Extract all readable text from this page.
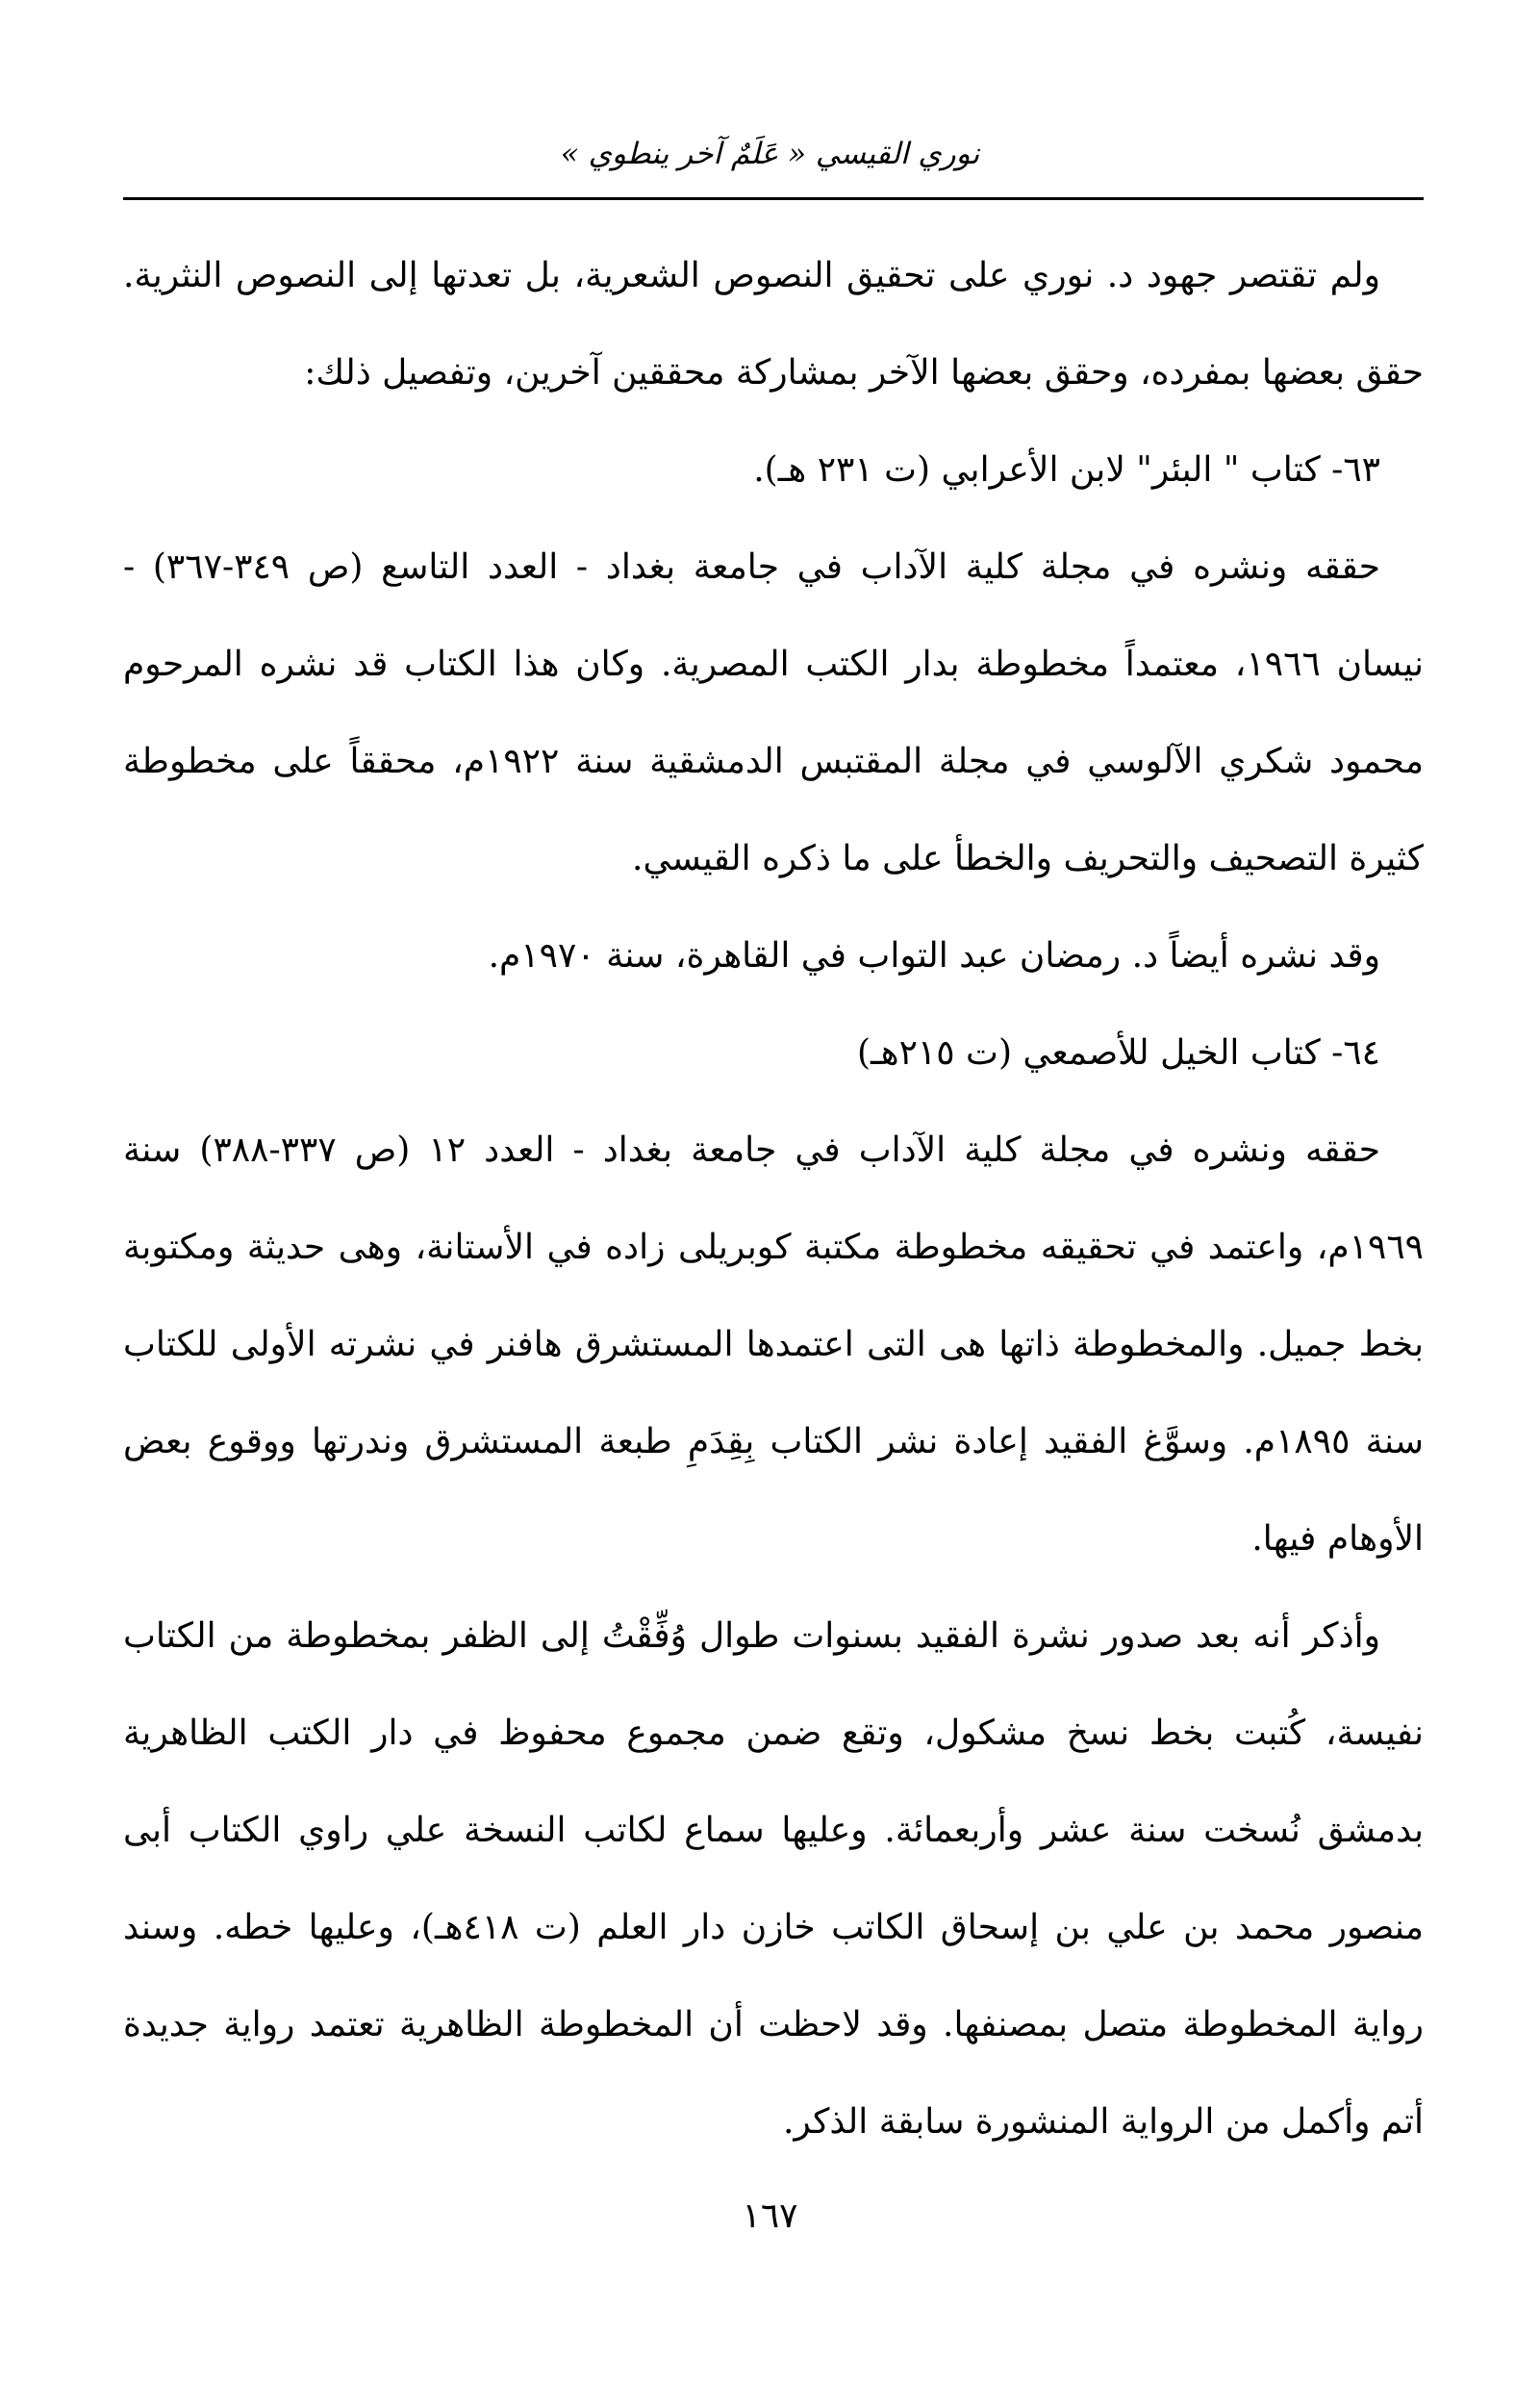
نوري القيسي « عَلَمٌ آخر ينطوي »

ولم تقتصر جهود د. نوري على تحقيق النصوص الشعرية، بل تعدتها إلى النصوص النثرية. حقق بعضها بمفرده، وحقق بعضها الآخر بمشاركة محققين آخرين، وتفصيل ذلك:

٦٣- كتاب " البئر" لابن الأعرابي (ت ٢٣١ هـ).

حققه ونشره في مجلة كلية الآداب في جامعة بغداد - العدد التاسع (ص ٣٤٩-٣٦٧) - نيسان ١٩٦٦، معتمداً مخطوطة بدار الكتب المصرية. وكان هذا الكتاب قد نشره المرحوم محمود شكري الآلوسي في مجلة المقتبس الدمشقية سنة ١٩٢٢م، محققاً على مخطوطة كثيرة التصحيف والتحريف والخطأ على ما ذكره القيسي.

وقد نشره أيضاً د. رمضان عبد التواب في القاهرة، سنة ١٩٧٠م.

٦٤- كتاب الخيل للأصمعي (ت ٢١٥هـ)

حققه ونشره في مجلة كلية الآداب في جامعة بغداد - العدد ١٢ (ص ٣٣٧-٣٨٨) سنة ١٩٦٩م، واعتمد في تحقيقه مخطوطة مكتبة كوبريلى زاده في الأستانة، وهى حديثة ومكتوبة بخط جميل. والمخطوطة ذاتها هى التى اعتمدها المستشرق هافنر في نشرته الأولى للكتاب سنة ١٨٩٥م. وسوَّغ الفقيد إعادة نشر الكتاب بِقِدَمِ طبعة المستشرق وندرتها ووقوع بعض الأوهام فيها.

وأذكر أنه بعد صدور نشرة الفقيد بسنوات طوال وُفِّقْتُ إلى الظفر بمخطوطة من الكتاب نفيسة، كُتبت بخط نسخ مشكول، وتقع ضمن مجموع محفوظ في دار الكتب الظاهرية بدمشق نُسخت سنة عشر وأربعمائة. وعليها سماع لكاتب النسخة علي راوي الكتاب أبى منصور محمد بن علي بن إسحاق الكاتب خازن دار العلم (ت ٤١٨هـ)، وعليها خطه. وسند رواية المخطوطة متصل بمصنفها. وقد لاحظت أن المخطوطة الظاهرية تعتمد رواية جديدة أتم وأكمل من الرواية المنشورة سابقة الذكر.

١٦٧
